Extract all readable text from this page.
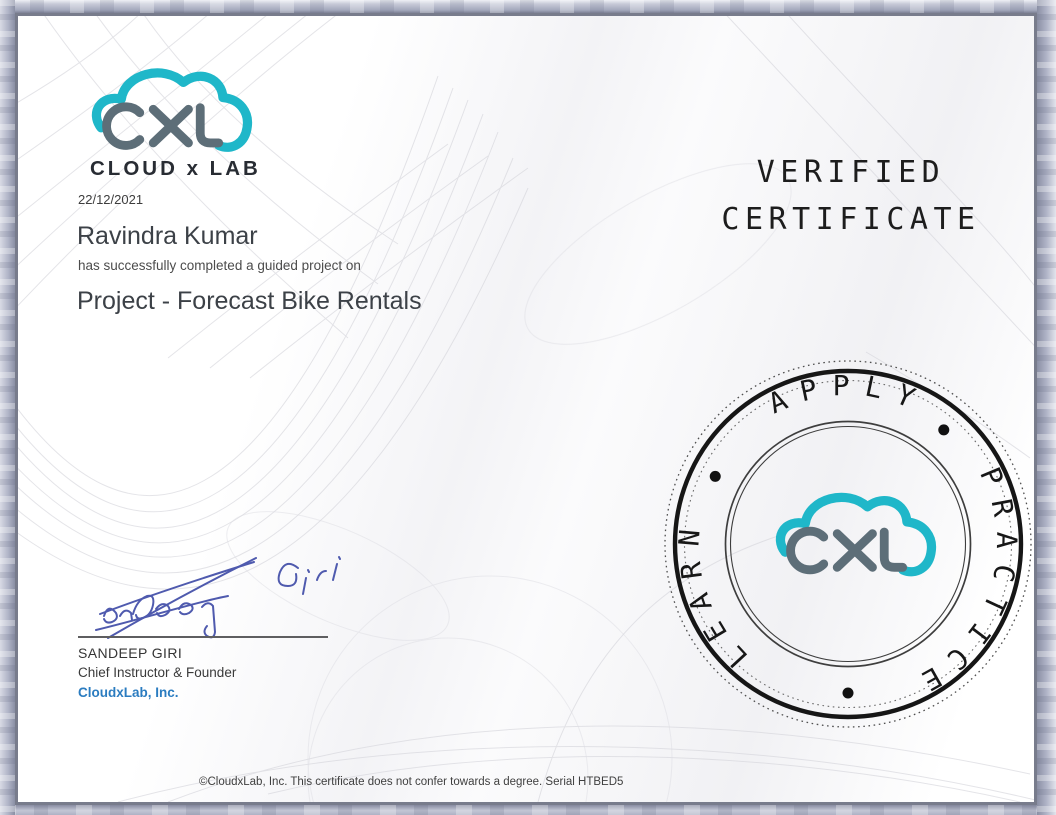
CLOUD x LAB
22/12/2021
Ravindra Kumar
has successfully completed a guided project on
Project - Forecast Bike Rentals
VERIFIED
CERTIFICATE
APPLY
PRACTICE
LEARN
SANDEEP GIRI
Chief Instructor & Founder
CloudxLab, Inc.
©CloudxLab, Inc. This certificate does not confer towards a degree. Serial HTBED5
